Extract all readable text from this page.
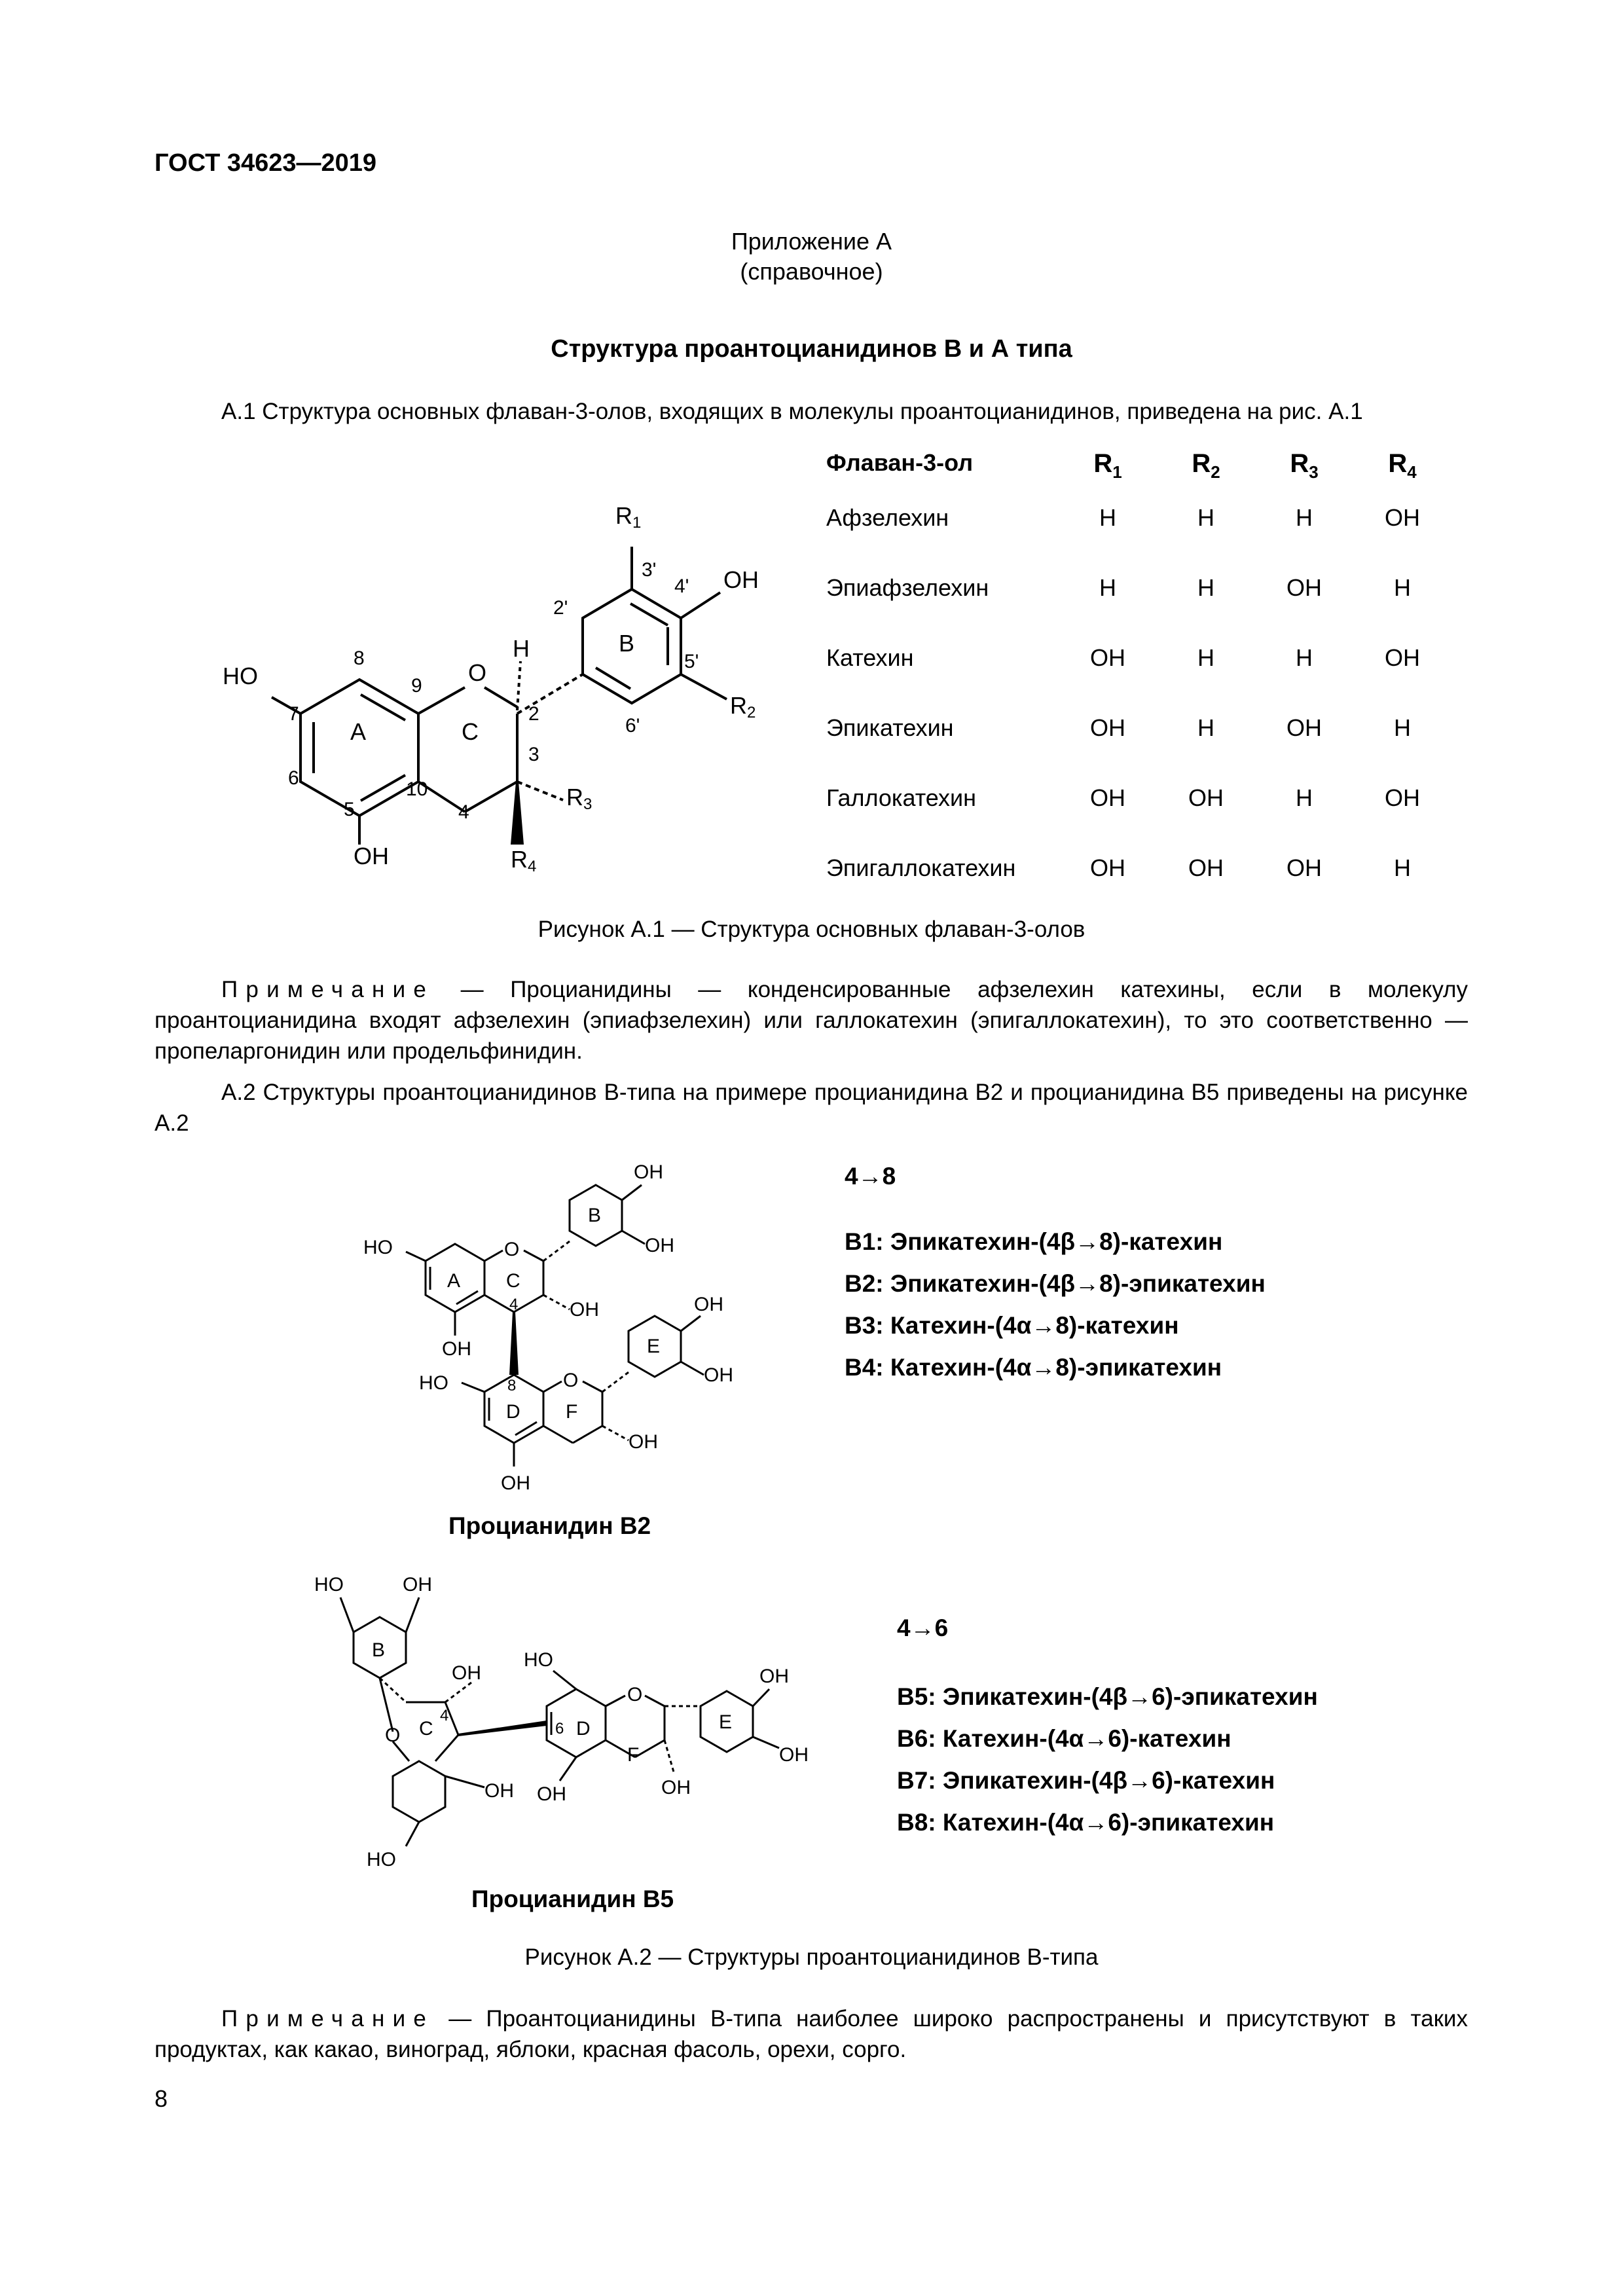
ГОСТ 34623—2019
Приложение А
(справочное)
Структура проантоцианидинов В и А типа
А.1 Структура основных флаван-3-олов, входящих в молекулы проантоцианидинов, приведена на рис. А.1
HO	O
H
OH
OH
A	C
B
R
R
R
R
1
2
3
4
8
9
7
6
5
10
4
3
2
2'
3'
4'
5'
6'
Флаван-3-ол	$R_1$	$R_2$	$R_3$	$R_4$
Афзелехин	H	H	H	OH
Эпиафзелехин	H	H	OH	H
Катехин	OH	H	H	OH
Эпикатехин	OH	H	OH	H
Галлокатехин	OH	OH	H	OH
Эпигаллокатехин	OH	OH	OH	H
Рисунок А.1 — Структура основных флаван-3-олов
Примечание — Процианидины — конденсированные афзелехин катехины, если в молекулу проантоцианидина входят афзелехин (эпиафзелехин) или галлокатехин (эпигаллокатехин), то это соответственно — пропеларгонидин или продельфинидин.
А.2 Структуры проантоцианидинов В-типа на примере процианидина В2 и процианидина В5 приведены на рисунке А.2
HO	O
OH
OH
OH
OH
HO	O
OH
OH
OH
OH
A C
B
D F
E
4
8
4→8
B1: Эпикатехин-(4β→8)-катехин
B2: Эпикатехин-(4β→8)-эпикатехин
B3: Катехин-(4α→8)-катехин
B4: Катехин-(4α→8)-эпикатехин
Процианидин В2
HO	OH
OH
O
OH
HO
HO
OH
O
OH
OH
OH
B
C	D
F
E
4
6
4→6
B5: Эпикатехин-(4β→6)-эпикатехин
B6: Катехин-(4α→6)-катехин
B7: Эпикатехин-(4β→6)-катехин
B8: Катехин-(4α→6)-эпикатехин
Процианидин В5
Рисунок А.2 — Структуры проантоцианидинов В-типа
Примечание — Проантоцианидины В-типа наиболее широко распространены и присутствуют в таких продуктах, как какао, виноград, яблоки, красная фасоль, орехи, сорго.
8
